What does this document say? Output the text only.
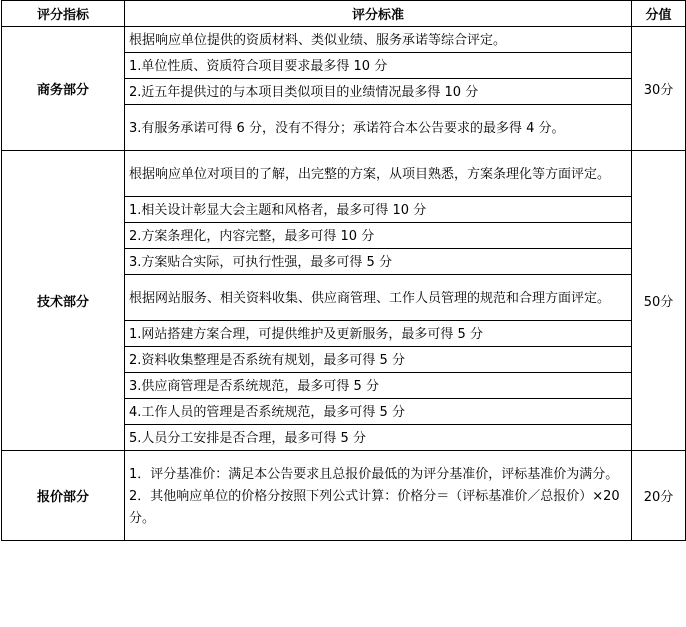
评分指标	评分标准	分值
商务部分	根据响应单位提供的资质材料、类似业绩、服务承诺等综合评定。	30分
	1.单位性质、资质符合项目要求最多得 10 分	
	2.近五年提供过的与本项目类似项目的业绩情况最多得 10 分	
	3.有服务承诺可得 6 分，没有不得分；承诺符合本公告要求的最多得 4 分。	
技术部分	根据响应单位对项目的了解，出完整的方案，从项目熟悉，方案条理化等方面评定。	50分
	1.相关设计彰显大会主题和风格者，最多可得 10 分	
	2.方案条理化，内容完整，最多可得 10 分	
	3.方案贴合实际，可执行性强，最多可得 5 分	
	根据网站服务、相关资料收集、供应商管理、工作人员管理的规范和合理方面评定。	
	1.网站搭建方案合理，可提供维护及更新服务，最多可得 5 分	
	2.资料收集整理是否系统有规划，最多可得 5 分	
	3.供应商管理是否系统规范，最多可得 5 分	
	4.工作人员的管理是否系统规范，最多可得 5 分	
	5.人员分工安排是否合理，最多可得 5 分	
报价部分	1．评分基准价：满足本公告要求且总报价最低的为评分基准价，评标基准价为满分。 2．其他响应单位的价格分按照下列公式计算：价格分＝（评标基准价／总报价）×20分。	20分
